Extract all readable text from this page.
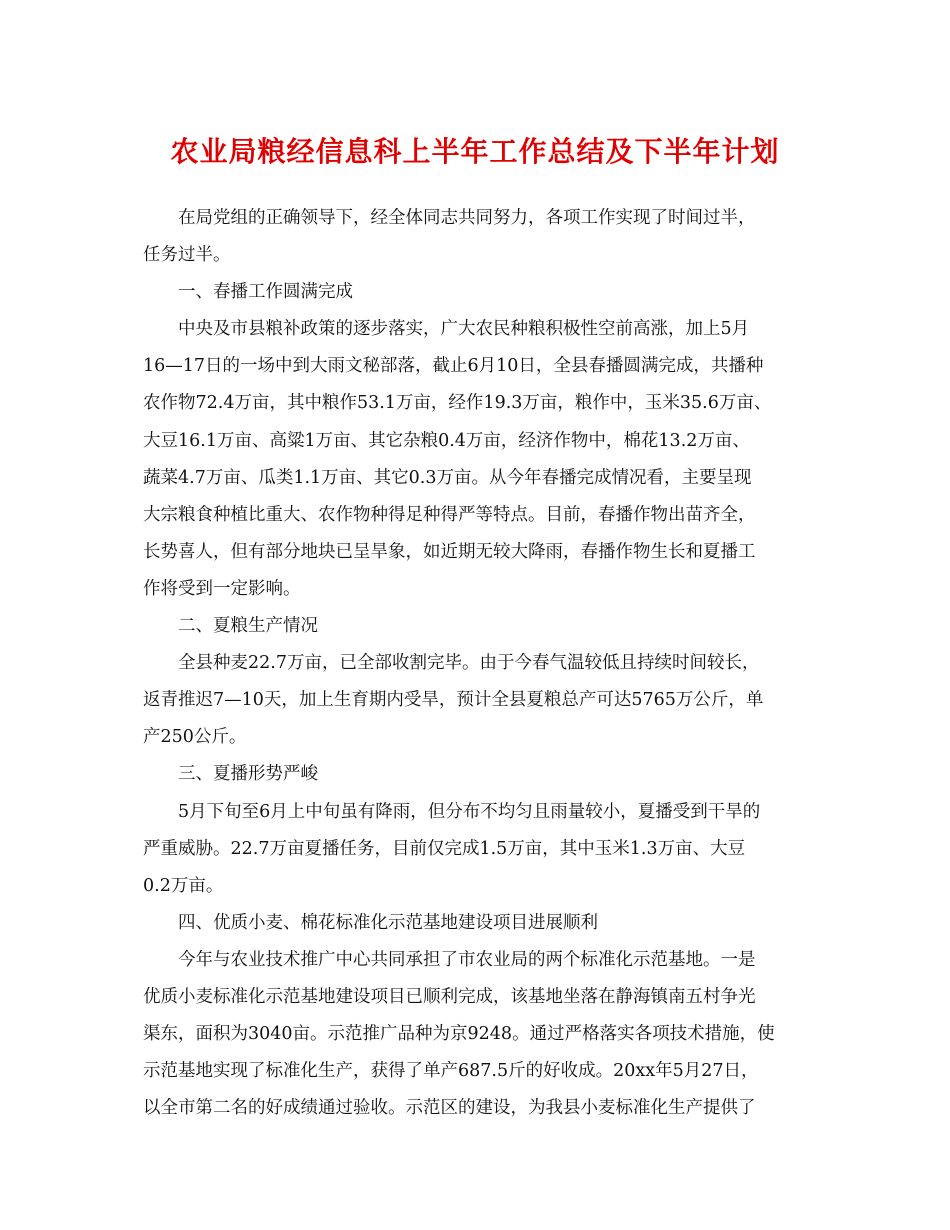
农业局粮经信息科上半年工作总结及下半年计划

在局党组的正确领导下，经全体同志共同努力，各项工作实现了时间过半，
任务过半。

一、春播工作圆满完成

中央及市县粮补政策的逐步落实，广大农民种粮积极性空前高涨，加上5月
16—17日的一场中到大雨文秘部落，截止6月10日，全县春播圆满完成，共播种
农作物72.4万亩，其中粮作53.1万亩，经作19.3万亩，粮作中，玉米35.6万亩、
大豆16.1万亩、高粱1万亩、其它杂粮0.4万亩，经济作物中，棉花13.2万亩、
蔬菜4.7万亩、瓜类1.1万亩、其它0.3万亩。从今年春播完成情况看，主要呈现
大宗粮食种植比重大、农作物种得足种得严等特点。目前，春播作物出苗齐全，
长势喜人，但有部分地块已呈旱象，如近期无较大降雨，春播作物生长和夏播工
作将受到一定影响。

二、夏粮生产情况

全县种麦22.7万亩，已全部收割完毕。由于今春气温较低且持续时间较长，
返青推迟7—10天，加上生育期内受旱，预计全县夏粮总产可达5765万公斤，单
产250公斤。

三、夏播形势严峻

5月下旬至6月上中旬虽有降雨，但分布不均匀且雨量较小，夏播受到干旱的
严重威胁。22.7万亩夏播任务，目前仅完成1.5万亩，其中玉米1.3万亩、大豆
0.2万亩。

四、优质小麦、棉花标准化示范基地建设项目进展顺利

今年与农业技术推广中心共同承担了市农业局的两个标准化示范基地。一是
优质小麦标准化示范基地建设项目已顺利完成，该基地坐落在静海镇南五村争光
渠东，面积为3040亩。示范推广品种为京9248。通过严格落实各项技术措施，使
示范基地实现了标准化生产，获得了单产687.5斤的好收成。20xx年5月27日，
以全市第二名的好成绩通过验收。示范区的建设，为我县小麦标准化生产提供了
